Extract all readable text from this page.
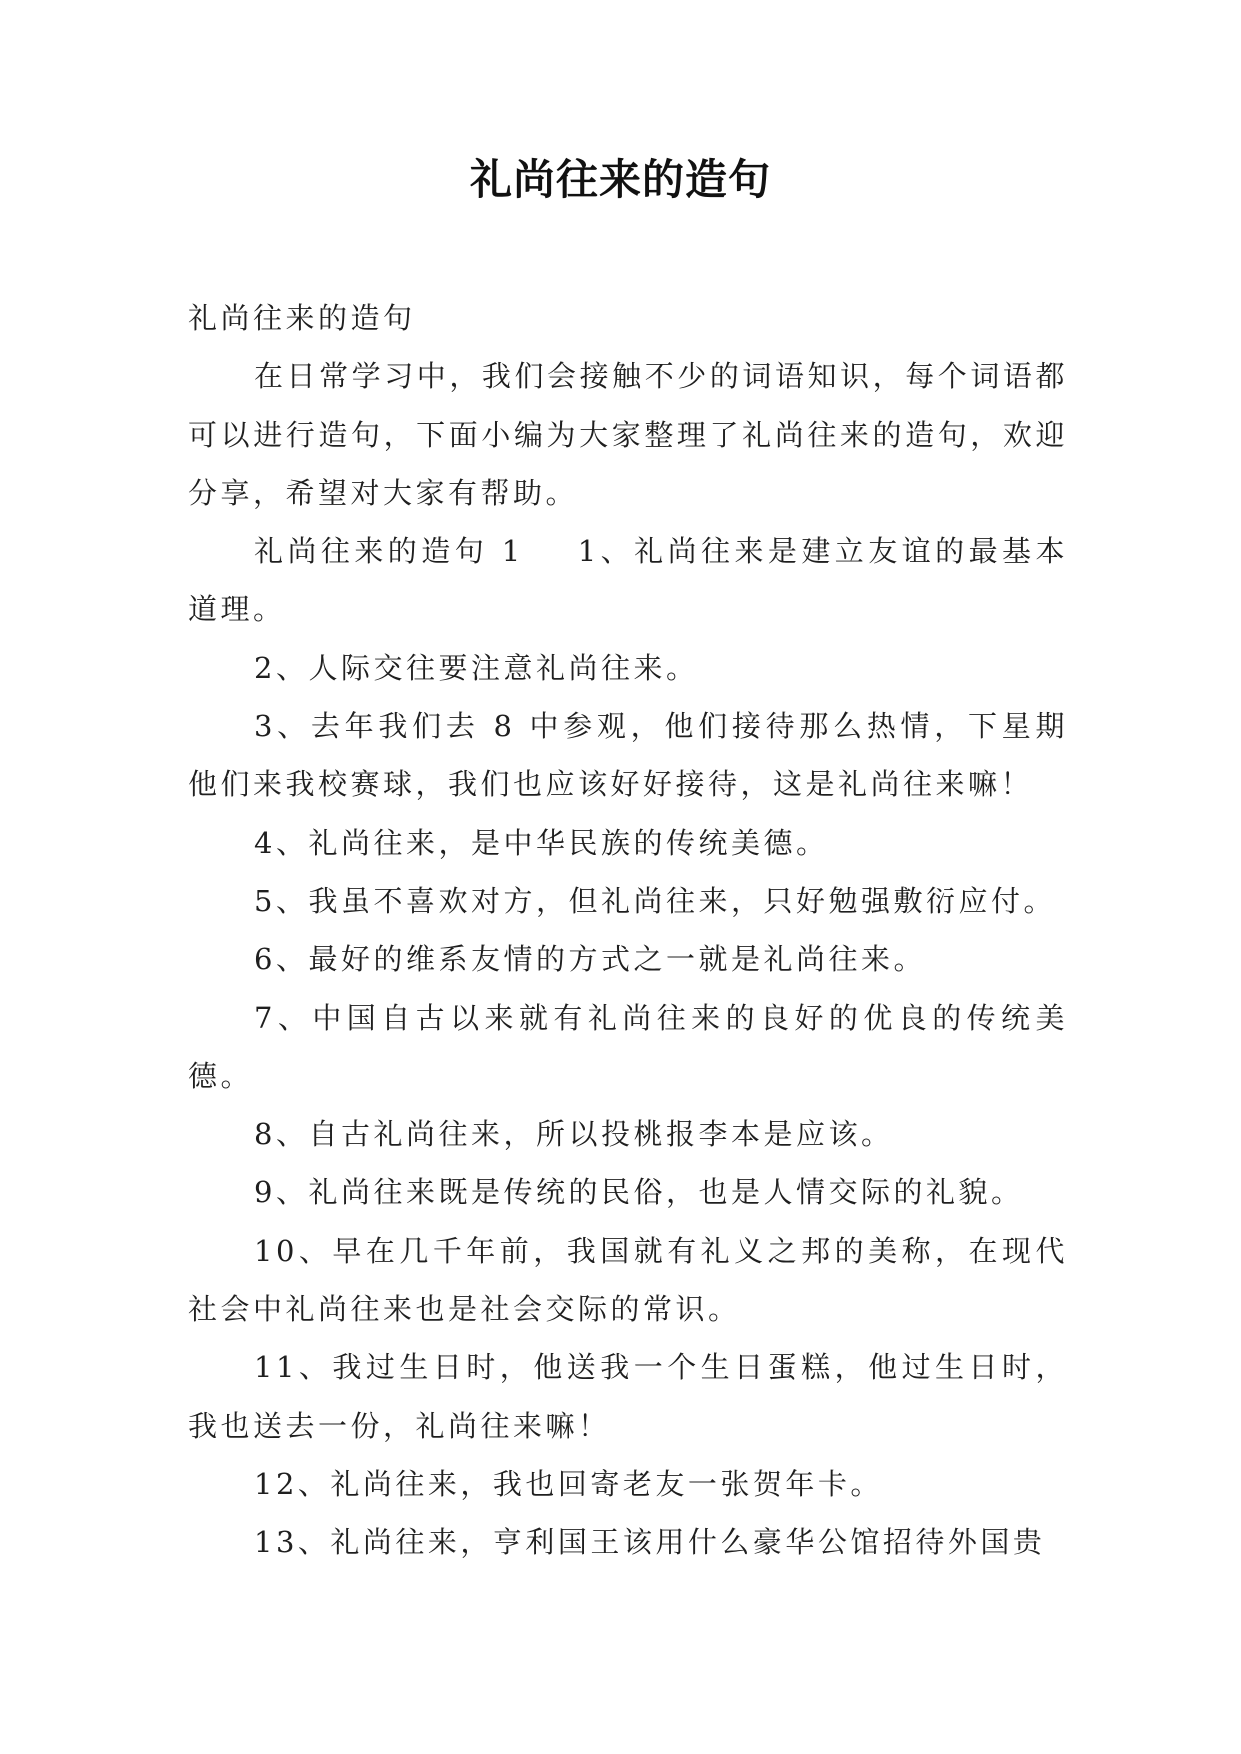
礼尚往来的造句

礼尚往来的造句

在日常学习中，我们会接触不少的词语知识，每个词语都可以进行造句，下面小编为大家整理了礼尚往来的造句，欢迎分享，希望对大家有帮助。

礼尚往来的造句 1 1、礼尚往来是建立友谊的最基本道理。

2、人际交往要注意礼尚往来。

3、去年我们去 8 中参观，他们接待那么热情，下星期他们来我校赛球，我们也应该好好接待，这是礼尚往来嘛！

4、礼尚往来，是中华民族的传统美德。

5、我虽不喜欢对方，但礼尚往来，只好勉强敷衍应付。

6、最好的维系友情的方式之一就是礼尚往来。

7、中国自古以来就有礼尚往来的良好的优良的传统美德。

8、自古礼尚往来，所以投桃报李本是应该。

9、礼尚往来既是传统的民俗，也是人情交际的礼貌。

10、早在几千年前，我国就有礼义之邦的美称，在现代社会中礼尚往来也是社会交际的常识。

11、我过生日时，他送我一个生日蛋糕，他过生日时，我也送去一份，礼尚往来嘛！

12、礼尚往来，我也回寄老友一张贺年卡。

13、礼尚往来，亨利国王该用什么豪华公馆招待外国贵
